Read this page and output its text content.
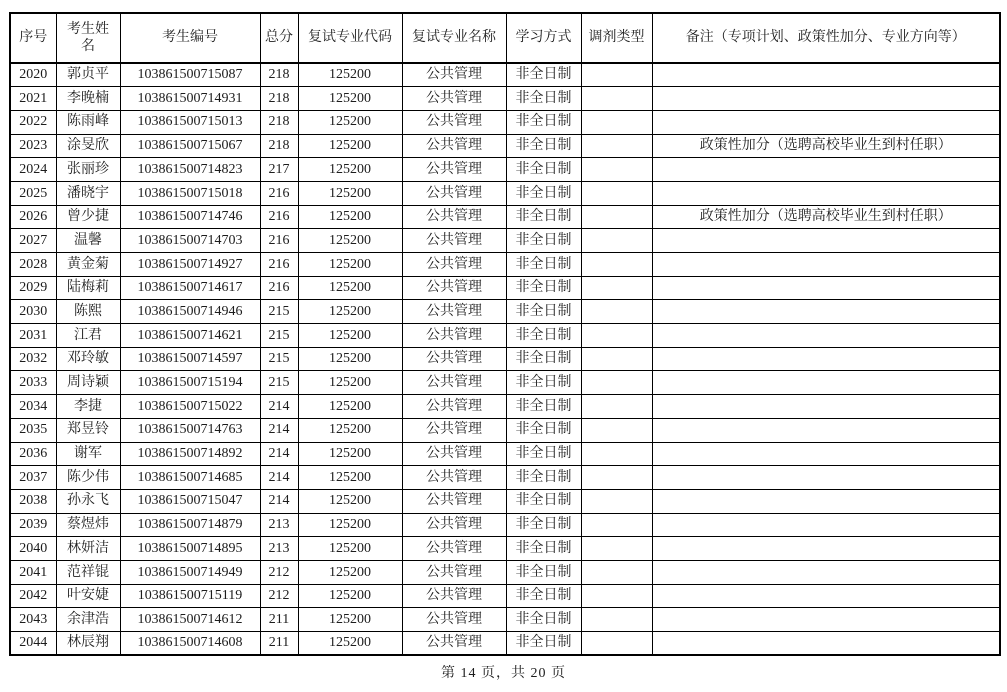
序号	考生姓名	考生编号	总分	复试专业代码	复试专业名称	学习方式	调剂类型	备注（专项计划、政策性加分、专业方向等）
2020	郭贞平	103861500715087	218	125200	公共管理	非全日制		
2021	李晚楠	103861500714931	218	125200	公共管理	非全日制		
2022	陈雨峰	103861500715013	218	125200	公共管理	非全日制		
2023	涂旻欣	103861500715067	218	125200	公共管理	非全日制		政策性加分（选聘高校毕业生到村任职）
2024	张丽珍	103861500714823	217	125200	公共管理	非全日制		
2025	潘晓宇	103861500715018	216	125200	公共管理	非全日制		
2026	曾少捷	103861500714746	216	125200	公共管理	非全日制		政策性加分（选聘高校毕业生到村任职）
2027	温馨	103861500714703	216	125200	公共管理	非全日制		
2028	黄金菊	103861500714927	216	125200	公共管理	非全日制		
2029	陆梅莉	103861500714617	216	125200	公共管理	非全日制		
2030	陈熙	103861500714946	215	125200	公共管理	非全日制		
2031	江君	103861500714621	215	125200	公共管理	非全日制		
2032	邓玲敏	103861500714597	215	125200	公共管理	非全日制		
2033	周诗颖	103861500715194	215	125200	公共管理	非全日制		
2034	李捷	103861500715022	214	125200	公共管理	非全日制		
2035	郑昱铃	103861500714763	214	125200	公共管理	非全日制		
2036	谢军	103861500714892	214	125200	公共管理	非全日制		
2037	陈少伟	103861500714685	214	125200	公共管理	非全日制		
2038	孙永飞	103861500715047	214	125200	公共管理	非全日制		
2039	蔡煜炜	103861500714879	213	125200	公共管理	非全日制		
2040	林妍洁	103861500714895	213	125200	公共管理	非全日制		
2041	范祥锟	103861500714949	212	125200	公共管理	非全日制		
2042	叶安婕	103861500715119	212	125200	公共管理	非全日制		
2043	余津浩	103861500714612	211	125200	公共管理	非全日制		
2044	林辰翔	103861500714608	211	125200	公共管理	非全日制		
第 14 页，共 20 页
